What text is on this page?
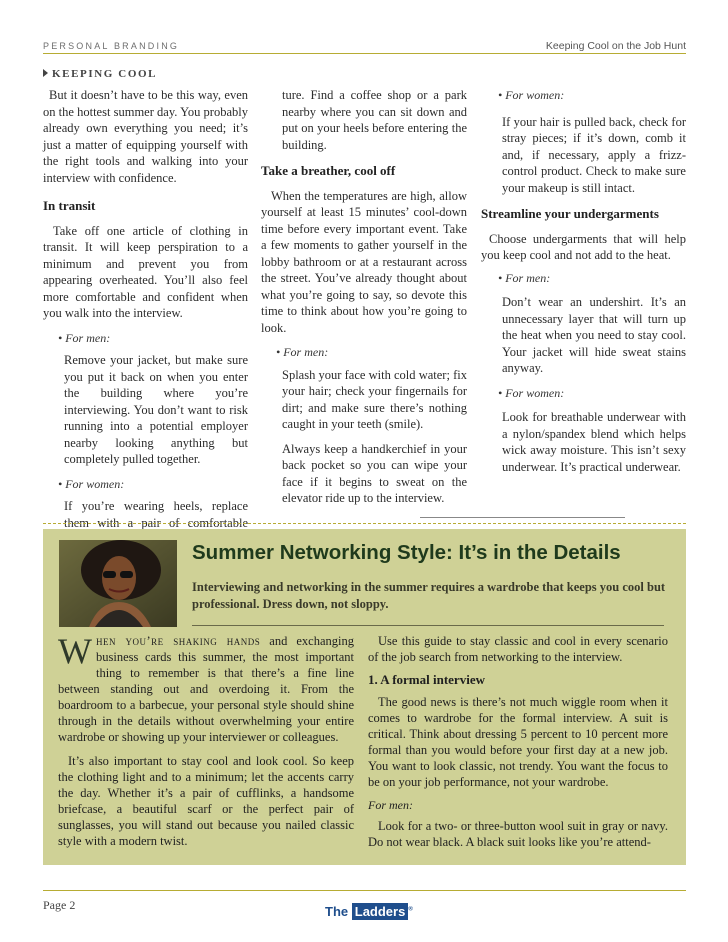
PERSONAL BRANDING	Keeping Cool on the Job Hunt
KEEPING COOL

But it doesn’t have to be this way, even on the hottest summer day. You probably already own everything you need; it’s just a matter of equipping yourself with the right tools and walking into your interview with confidence.

In transit

Take off one article of clothing in transit. It will keep perspiration to a minimum and prevent you from appearing overheated. You’ll also feel more comfortable and confident when you walk into the interview.

• For men:

Remove your jacket, but make sure you put it back on when you enter the building where you’re interviewing. You don’t want to risk running into a potential employer nearby looking anything but completely pulled together.

• For women:

If you’re wearing heels, replace them with a pair of comfortable

ture. Find a coffee shop or a park nearby where you can sit down and put on your heels before entering the building.

Take a breather, cool off

When the temperatures are high, allow yourself at least 15 minutes’ cool-down time before every important event. Take a few moments to gather yourself in the lobby bathroom or at a restaurant across the street. You’ve already thought about what you’re going to say, so devote this time to think about how you’re going to look.

• For men:

Splash your face with cold water; fix your hair; check your fingernails for dirt; and make sure there’s nothing caught in your teeth (smile).

Always keep a handkerchief in your back pocket so you can wipe your face if it begins to sweat on the elevator ride up to the interview.

• For women:

If your hair is pulled back, check for stray pieces; if it’s down, comb it and, if necessary, apply a frizz-control product. Check to make sure your makeup is still intact.

Streamline your undergarments

Choose undergarments that will help you keep cool and not add to the heat.

• For men:

Don’t wear an undershirt. It’s an unnecessary layer that will turn up the heat when you need to stay cool. Your jacket will hide sweat stains anyway.

• For women:

Look for breathable underwear with a nylon/spandex blend which helps wick away moisture. This isn’t sexy underwear. It’s practical underwear.

Summer Networking Style: It’s in the Details
Interviewing and networking in the summer requires a wardrobe that keeps you cool but professional. Dress down, not sloppy.

When you’re shaking hands and exchanging business cards this summer, the most important thing to remember is that there’s a fine line between standing out and overdoing it. From the boardroom to a barbecue, your personal style should shine through in the details without overwhelming your entire wardrobe or showing up your interviewer or colleagues.

It’s also important to stay cool and look cool. So keep the clothing light and to a minimum; let the accents carry the day. Whether it’s a pair of cufflinks, a handsome briefcase, a beautiful scarf or the perfect pair of sunglasses, you will stand out because you nailed classic style with a modern twist.

Use this guide to stay classic and cool in every scenario of the job search from networking to the interview.

1. A formal interview

The good news is there’s not much wiggle room when it comes to wardrobe for the formal interview. A suit is critical. Think about dressing 5 percent to 10 percent more formal than you would before your first day at a new job. You want to look classic, not trendy. You want the focus to be on your job performance, not your wardrobe.

For men:

Look for a two- or three-button wool suit in gray or navy. Do not wear black. A black suit looks like you’re attend-

Page 2	The Ladders ®
